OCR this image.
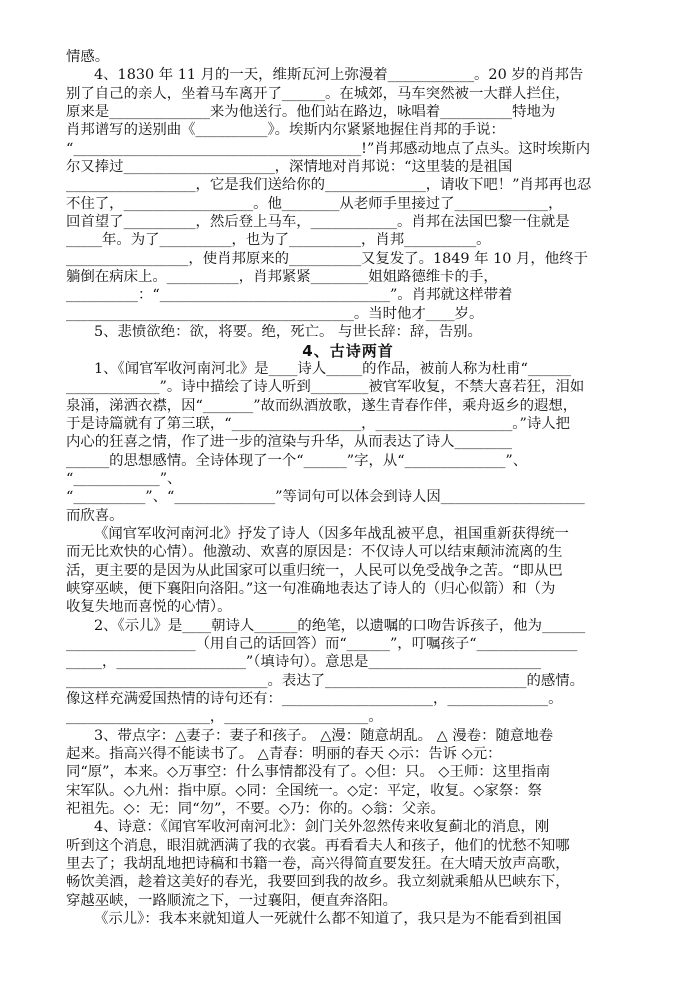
情感。
4、1830 年 11 月的一天，维斯瓦河上弥漫着____________。20 岁的肖邦告
别了自己的亲人，坐着马车离开了______。在城郊，马车突然被一大群人拦住，
原来是______________来为他送行。他们站在路边，咏唱着__________特地为
肖邦谱写的送别曲《__________》。埃斯内尔紧紧地握住肖邦的手说：
“________________________________________!”肖邦感动地点了点头。这时埃斯内
尔又捧过_____________________，深情地对肖邦说：“这里装的是祖国
__________________，它是我们送给你的______________，请收下吧！”肖邦再也忍
不住了，__________________。他________从老师手里接过了_____________，
回首望了__________，然后登上马车，____________。肖邦在法国巴黎一住就是
_____年。为了__________，也为了__________，肖邦__________。
_________________，使肖邦原来的__________又复发了。1849 年 10 月，他终于
躺倒在病床上。__________，肖邦紧紧________姐姐路德维卡的手，
__________：“________________________________”。肖邦就这样带着
________________________________________。当时他才____岁。
5、悲愤欲绝：欲，将要。绝，死亡。 与世长辞：辞，告别。
4、古诗两首
1、《闻官军收河南河北》是____诗人_____的作品，被前人称为杜甫“______
_____________”。诗中描绘了诗人听到________被官军收复，不禁大喜若狂，泪如
泉涌，涕洒衣襟，因“_______”故而纵酒放歌，遂生青春作伴，乘舟返乡的遐想，
于是诗篇就有了第三联，“__________________，___________________。”诗人把
内心的狂喜之情，作了进一步的渲染与升华，从而表达了诗人________
______的思想感情。全诗体现了一个“______”字，从“______________”、
“____________”、
“__________”、“______________”等词句可以体会到诗人因____________________
而欣喜。
《闻官军收河南河北》抒发了诗人（因多年战乱被平息，祖国重新获得统一
而无比欢快的心情）。他激动、欢喜的原因是：不仅诗人可以结束颠沛流离的生
活，更主要的是因为从此国家可以重归统一，人民可以免受战争之苦。“即从巴
峡穿巫峡，便下襄阳向洛阳。”这一句准确地表达了诗人的（归心似箭）和（为
收复失地而喜悦的心情）。
2、《示儿》是____朝诗人______的绝笔，以遗嘱的口吻告诉孩子，他为______
__________________（用自己的话回答）而“______”，叮嘱孩子“______________
_____，__________________”（填诗句）。意思是________________________
____________________________。表达了____________________________的感情。
像这样充满爱国热情的诗句还有：_____________________，______________。
____________________，____________________。
3、带点字：△妻子：妻子和孩子。 △漫：随意胡乱。 △ 漫卷：随意地卷
起来。指高兴得不能读书了。 △青春：明丽的春天 ◇示：告诉 ◇元：
同“原”，本来。◇万事空：什么事情都没有了。◇但：只。 ◇王师：这里指南
宋军队。◇九州：指中原。◇同：全国统一。◇定：平定，收复。◇家祭：祭
祀祖先。◇：无：同“勿”，不要。◇乃：你的。◇翁：父亲。
4、诗意：《闻官军收河南河北》：剑门关外忽然传来收复蓟北的消息，刚
听到这个消息，眼泪就洒满了我的衣裳。再看看夫人和孩子，他们的忧愁不知哪
里去了；我胡乱地把诗稿和书籍一卷，高兴得简直要发狂。在大晴天放声高歌，
畅饮美酒，趁着这美好的春光，我要回到我的故乡。我立刻就乘船从巴峡东下，
穿越巫峡，一路顺流之下，一过襄阳，便直奔洛阳。
《示儿》：我本来就知道人一死就什么都不知道了，我只是为不能看到祖国
